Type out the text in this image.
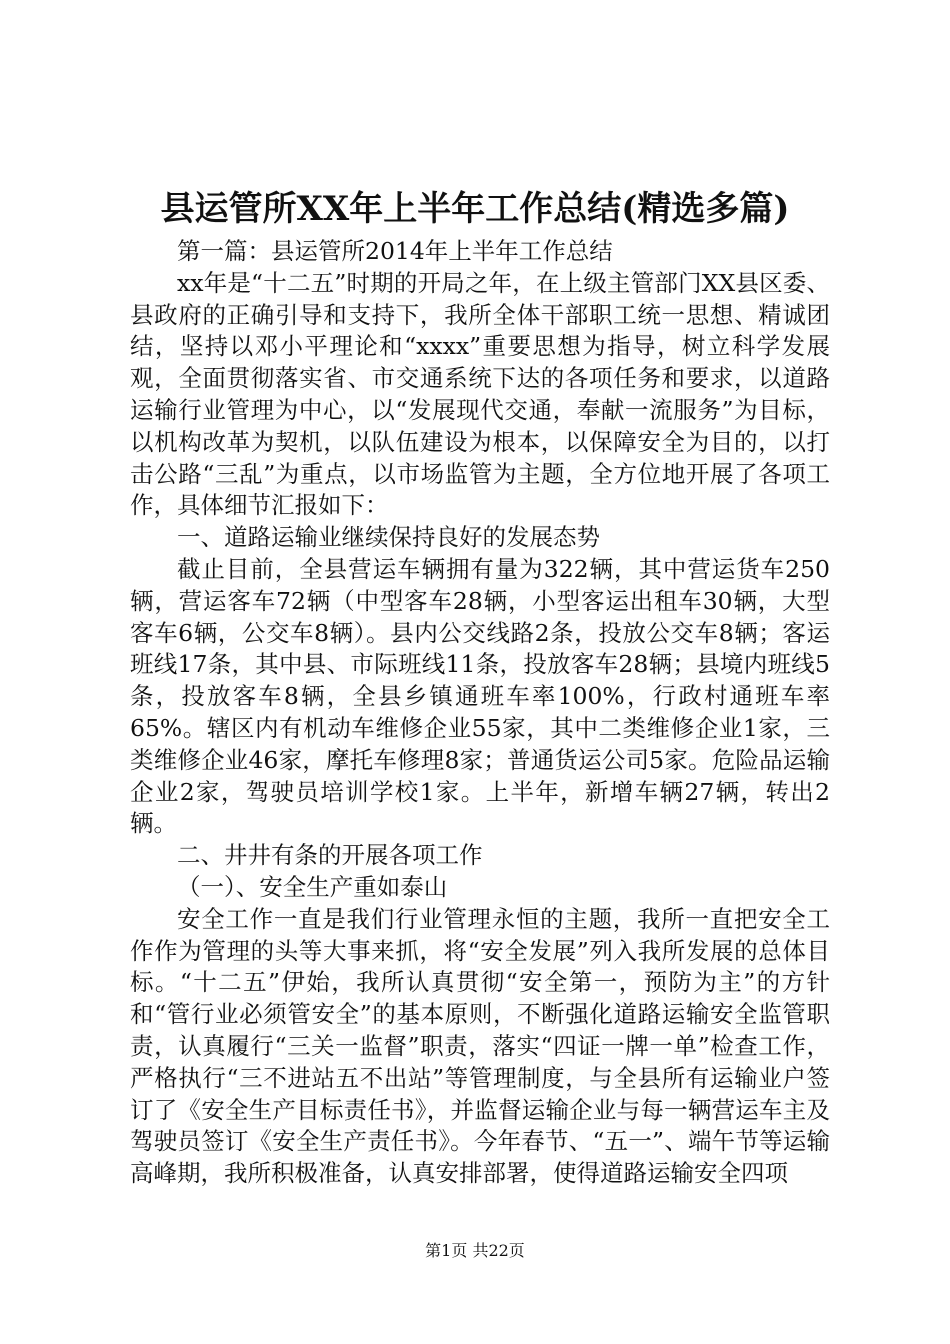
县运管所XX年上半年工作总结(精选多篇)

第一篇：县运管所2014年上半年工作总结

xx年是“十二五”时期的开局之年，在上级主管部门XX县区委、县政府的正确引导和支持下，我所全体干部职工统一思想、精诚团结，坚持以邓小平理论和“xxxx”重要思想为指导，树立科学发展观，全面贯彻落实省、市交通系统下达的各项任务和要求，以道路运输行业管理为中心，以“发展现代交通，奉献一流服务”为目标，以机构改革为契机，以队伍建设为根本，以保障安全为目的，以打击公路“三乱”为重点，以市场监管为主题，全方位地开展了各项工作，具体细节汇报如下：

一、道路运输业继续保持良好的发展态势

截止目前，全县营运车辆拥有量为322辆，其中营运货车250辆，营运客车72辆（中型客车28辆，小型客运出租车30辆，大型客车6辆，公交车8辆）。县内公交线路2条，投放公交车8辆；客运班线17条，其中县、市际班线11条，投放客车28辆；县境内班线5条，投放客车8辆，全县乡镇通班车率100%，行政村通班车率65%。辖区内有机动车维修企业55家，其中二类维修企业1家，三类维修企业46家，摩托车修理8家；普通货运公司5家。危险品运输企业2家，驾驶员培训学校1家。上半年，新增车辆27辆，转出2辆。

二、井井有条的开展各项工作

（一）、安全生产重如泰山

安全工作一直是我们行业管理永恒的主题，我所一直把安全工作作为管理的头等大事来抓，将“安全发展”列入我所发展的总体目标。“十二五”伊始，我所认真贯彻“安全第一，预防为主”的方针和“管行业必须管安全”的基本原则，不断强化道路运输安全监管职责，认真履行“三关一监督”职责，落实“四证一牌一单”检查工作，严格执行“三不进站五不出站”等管理制度，与全县所有运输业户签订了《安全生产目标责任书》，并监督运输企业与每一辆营运车主及驾驶员签订《安全生产责任书》。今年春节、“五一”、端午节等运输高峰期，我所积极准备，认真安排部署，使得道路运输安全四项

第1页 共22页
